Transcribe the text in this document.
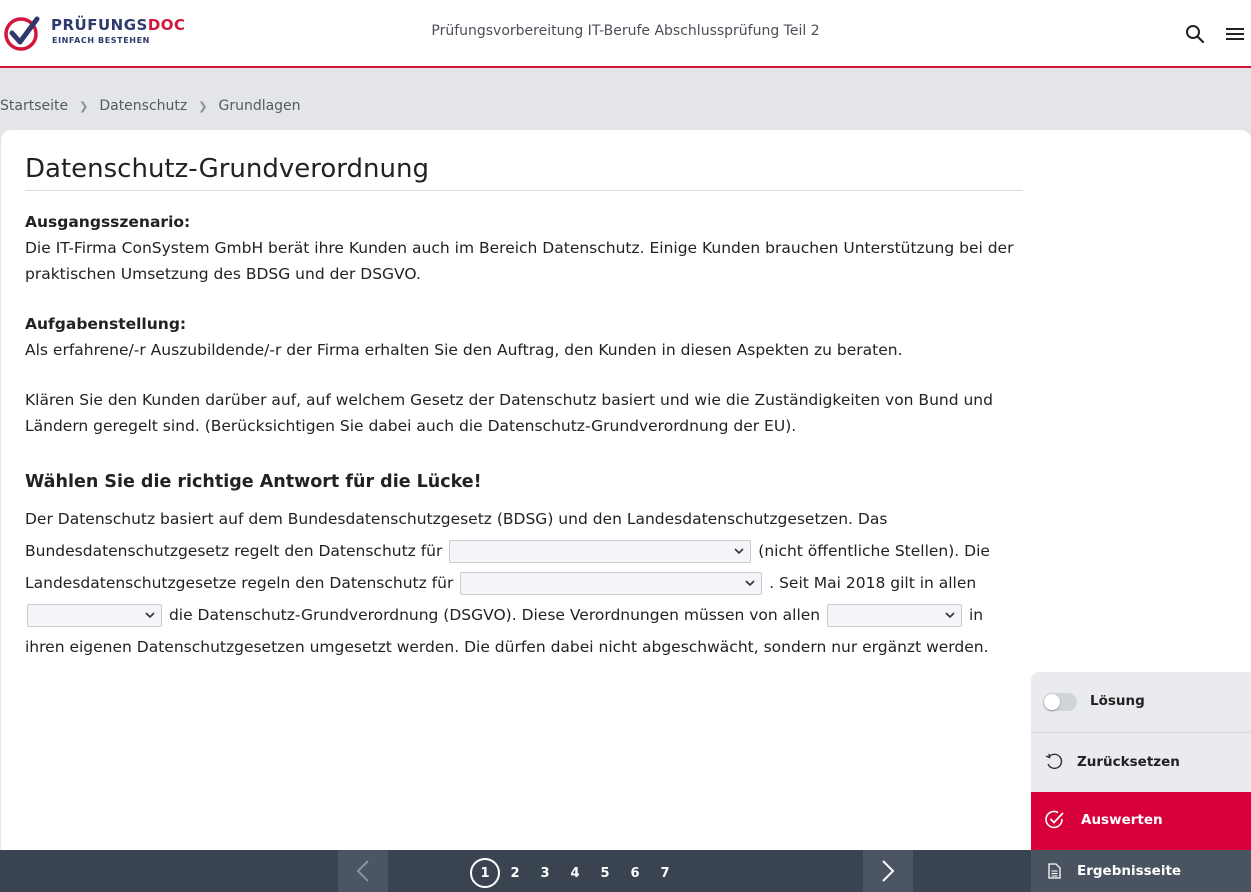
PRÜFUNGSDOC
EINFACH BESTEHEN
Prüfungsvorbereitung IT-Berufe Abschlussprüfung Teil 2
Startseite ❯ Datenschutz ❯ Grundlagen
Datenschutz-Grundverordnung
Ausgangsszenario:
Die IT-Firma ConSystem GmbH berät ihre Kunden auch im Bereich Datenschutz. Einige Kunden brauchen Unterstützung bei der praktischen Umsetzung des BDSG und der DSGVO.
Aufgabenstellung:
Als erfahrene/-r Auszubildende/-r der Firma erhalten Sie den Auftrag, den Kunden in diesen Aspekten zu beraten.
Klären Sie den Kunden darüber auf, auf welchem Gesetz der Datenschutz basiert und wie die Zuständigkeiten von Bund und Ländern geregelt sind. (Berücksichtigen Sie dabei auch die Datenschutz-Grundverordnung der EU).
Wählen Sie die richtige Antwort für die Lücke!
Der Datenschutz basiert auf dem Bundesdatenschutzgesetz (BDSG) und den Landesdatenschutzgesetzen. Das Bundesdatenschutzgesetz regelt den Datenschutz für	(nicht öffentliche Stellen). Die Landesdatenschutzgesetze regeln den Datenschutz für	. Seit Mai 2018 gilt in allen
die Datenschutz-Grundverordnung (DSGVO). Diese Verordnungen müssen von allen	in ihren eigenen Datenschutzgesetzen umgesetzt werden. Die dürfen dabei nicht abgeschwächt, sondern nur ergänzt werden.
Lösung
Zurücksetzen
Auswerten
Ergebnisseite
1	2	3	4	5	6	7
